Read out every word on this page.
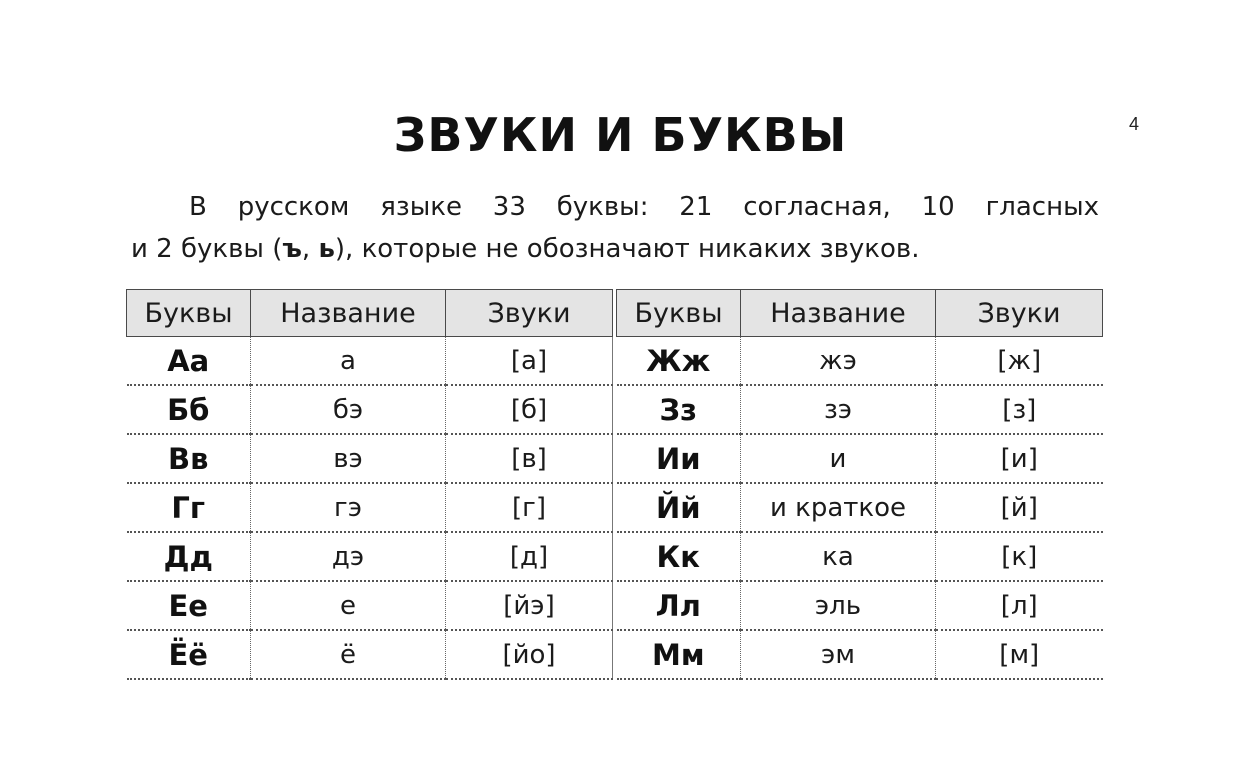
ЗВУКИ И БУКВЫ	4
В русском языке 33 буквы: 21 согласная, 10 гласных
и 2 буквы (ъ, ь), которые не обозначают никаких звуков.
Буквы	Название	Звуки
Аа	а	[а]
Бб	бэ	[б]
Вв	вэ	[в]
Гг	гэ	[г]
Дд	дэ	[д]
Ее	е	[йэ]
Ёё	ё	[йо]
Буквы	Название	Звуки
Жж	жэ	[ж]
Зз	зэ	[з]
Ии	и	[и]
Йй	и краткое	[й]
Кк	ка	[к]
Лл	эль	[л]
Мм	эм	[м]
